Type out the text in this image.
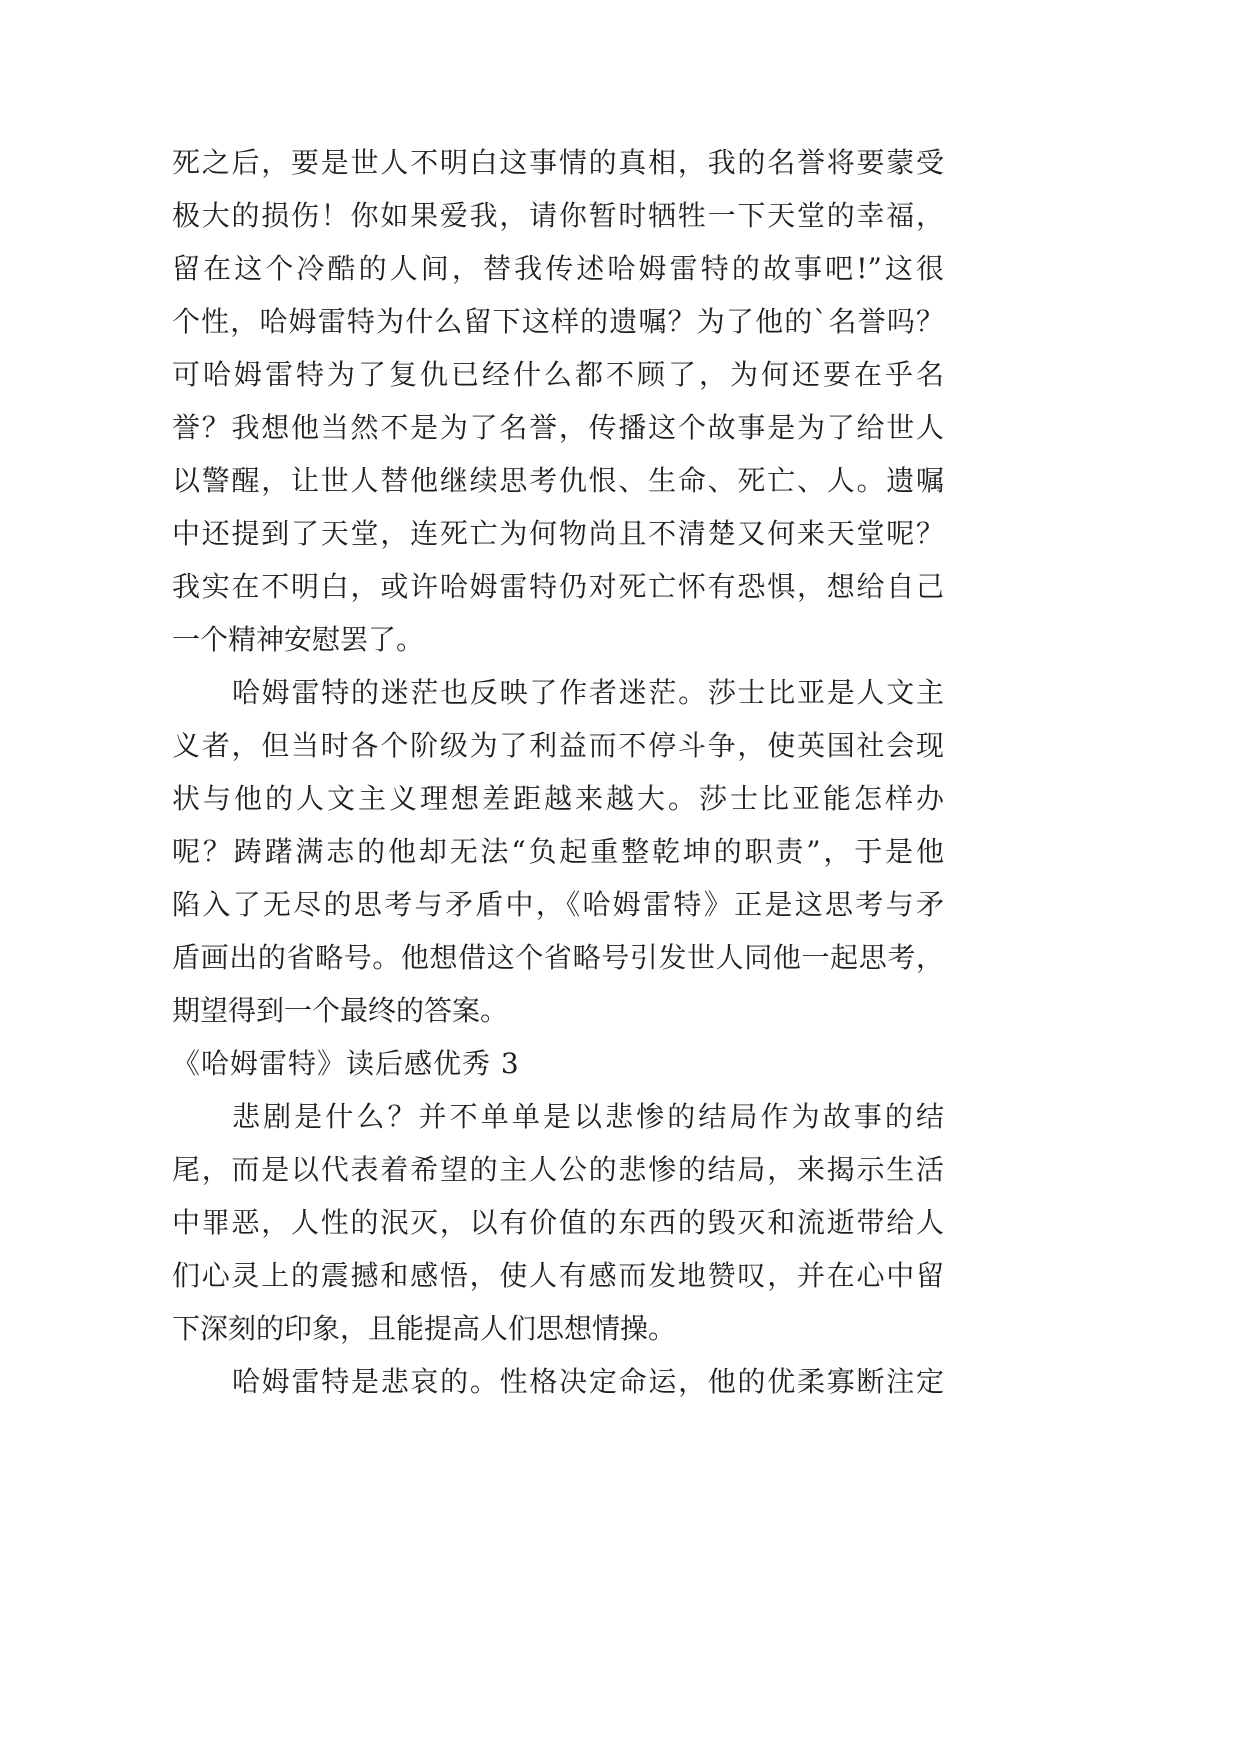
死之后，要是世人不明白这事情的真相，我的名誉将要蒙受
极大的损伤！你如果爱我，请你暂时牺牲一下天堂的幸福，
留在这个冷酷的人间，替我传述哈姆雷特的故事吧!”这很
个性，哈姆雷特为什么留下这样的遗嘱？为了他的`名誉吗？
可哈姆雷特为了复仇已经什么都不顾了，为何还要在乎名
誉？我想他当然不是为了名誉，传播这个故事是为了给世人
以警醒，让世人替他继续思考仇恨、生命、死亡、人。遗嘱
中还提到了天堂，连死亡为何物尚且不清楚又何来天堂呢？
我实在不明白，或许哈姆雷特仍对死亡怀有恐惧，想给自己
一个精神安慰罢了。
哈姆雷特的迷茫也反映了作者迷茫。莎士比亚是人文主
义者，但当时各个阶级为了利益而不停斗争，使英国社会现
状与他的人文主义理想差距越来越大。莎士比亚能怎样办
呢？踌躇满志的他却无法“负起重整乾坤的职责”，于是他
陷入了无尽的思考与矛盾中，《哈姆雷特》正是这思考与矛
盾画出的省略号。他想借这个省略号引发世人同他一起思考，
期望得到一个最终的答案。
《哈姆雷特》读后感优秀 3
悲剧是什么？并不单单是以悲惨的结局作为故事的结
尾，而是以代表着希望的主人公的悲惨的结局，来揭示生活
中罪恶，人性的泯灭，以有价值的东西的毁灭和流逝带给人
们心灵上的震撼和感悟，使人有感而发地赞叹，并在心中留
下深刻的印象，且能提高人们思想情操。
哈姆雷特是悲哀的。性格决定命运，他的优柔寡断注定
